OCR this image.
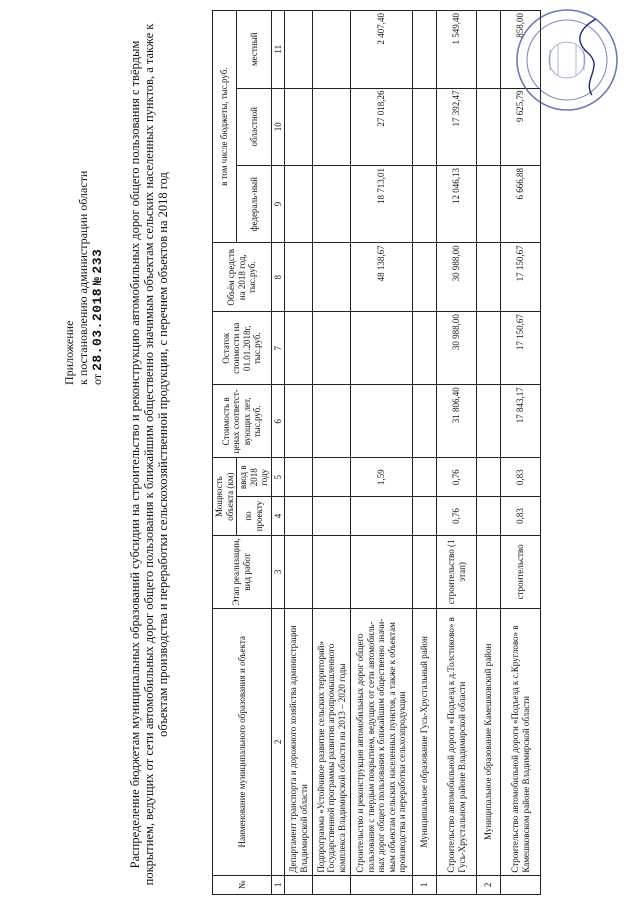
Приложение к постановлению администрации области от 28.03.2018 № 233 Распределение бюджетам муниципальных образований субсидии на строительство и реконструкцию автомобильных дорог общего пользования с твёрдым покрытием, ведущих от сети автомобильных дорог общего пользования к ближайшим общественно значимым объектам сельских населенных пунктов, а также к объектам производства и переработки сельскохозяйственной продукции, с перечнем объектов на 2018 год
№	Наименование муниципального образования и объекта	Этап реализации, вид работ	Мощность объекта (км)		Стоимость в ценах соответст-вующих лет, тыс.руб.	Остаток стоимости на 01.01.2018г, тыс.руб.	Объём средств на 2018 год, тыс.руб.	в том числе бюджеты, тыс.руб.		
			по проекту	ввод в 2018 году				федераль-ный	областной	местный
1	2	3	4	5	6	7	8	9	10	11
	Департамент транспорта и дорожного хозяйства администрации Владимирской области									
	Подпрограмма «Устойчивое развитие сельских территорий» Государственной программы развития агропромышленного комплекса Владимирской области на 2013 – 2020 годы									
	Строительство и реконструкция автомобильных дорог общего пользования с твердым покрытием, ведущих от сети автомобиль-ных дорог общего пользования к ближайшим общественно значи-мым объектам сельских населенных пунктов, а также к объектам производства и переработки сельхозпродукции			1,59			48 138,67	18 713,01	27 018,26	2 407,40
1	Муниципальное образование Гусь-Хрустальный район									
	Строительство автомобильной дороги «Подъезд к д.Толстиково» в Гусь-Хрустальном районе Владимирской области	строительство (1 этап)	0,76	0,76	31 806,40	30 988,00	30 988,00	12 046,13	17 392,47	1 549,40
2	Муниципальное образование Камешковский район									
	Строительство автомобильной дороги «Подъезд к с.Круглово» в Камешковском районе Владимирской области	строительство	0,83	0,83	17 843,17	17 150,67	17 150,67	6 666,88	9 625,79	858,00
